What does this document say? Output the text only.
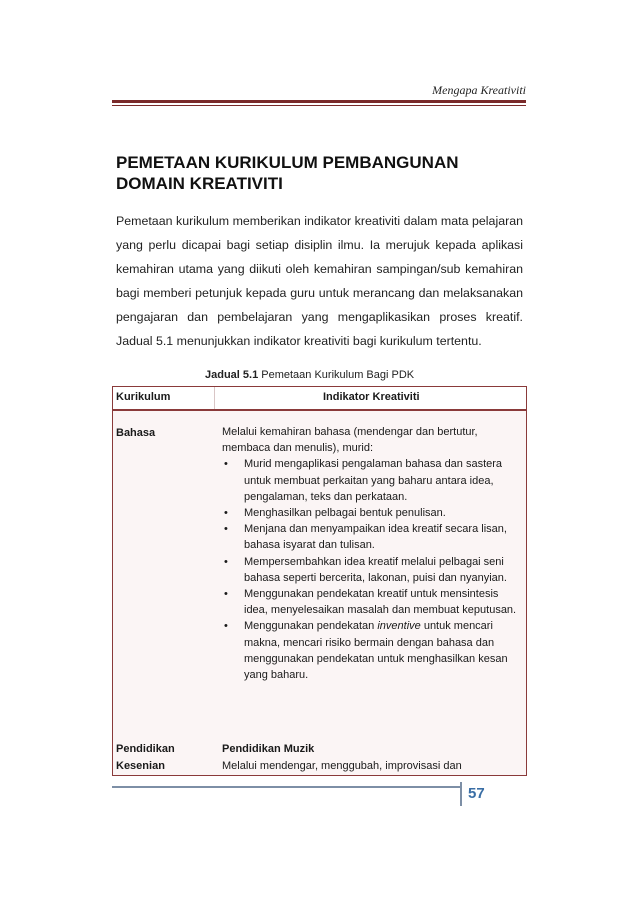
Mengapa Kreativiti
PEMETAAN KURIKULUM PEMBANGUNAN
DOMAIN KREATIVITI
Pemetaan kurikulum memberikan indikator kreativiti dalam mata pelajaran yang perlu dicapai bagi setiap disiplin ilmu. Ia merujuk kepada aplikasi kemahiran utama yang diikuti oleh kemahiran sampingan/sub kemahiran bagi memberi petunjuk kepada guru untuk merancang dan melaksanakan pengajaran dan pembelajaran yang mengaplikasikan proses kreatif. Jadual 5.1 menunjukkan indikator kreativiti bagi kurikulum tertentu.
Jadual 5.1 Pemetaan Kurikulum Bagi PDK
Kurikulum	Indikator Kreativiti
Bahasa	Melalui kemahiran bahasa (mendengar dan bertutur, membaca dan menulis), murid:
• Murid mengaplikasi pengalaman bahasa dan sastera untuk membuat perkaitan yang baharu antara idea, pengalaman, teks dan perkataan.
• Menghasilkan pelbagai bentuk penulisan.
• Menjana dan menyampaikan idea kreatif secara lisan, bahasa isyarat dan tulisan.
• Mempersembahkan idea kreatif melalui pelbagai seni bahasa seperti bercerita, lakonan, puisi dan nyanyian.
• Menggunakan pendekatan kreatif untuk mensintesis idea, menyelesaikan masalah dan membuat keputusan.
• Menggunakan pendekatan inventive untuk mencari makna, mencari risiko bermain dengan bahasa dan menggunakan pendekatan untuk menghasilkan kesan yang baharu.
Pendidikan
Kesenian
Pendidikan Muzik
Melalui mendengar, menggubah, improvisasi dan
57
